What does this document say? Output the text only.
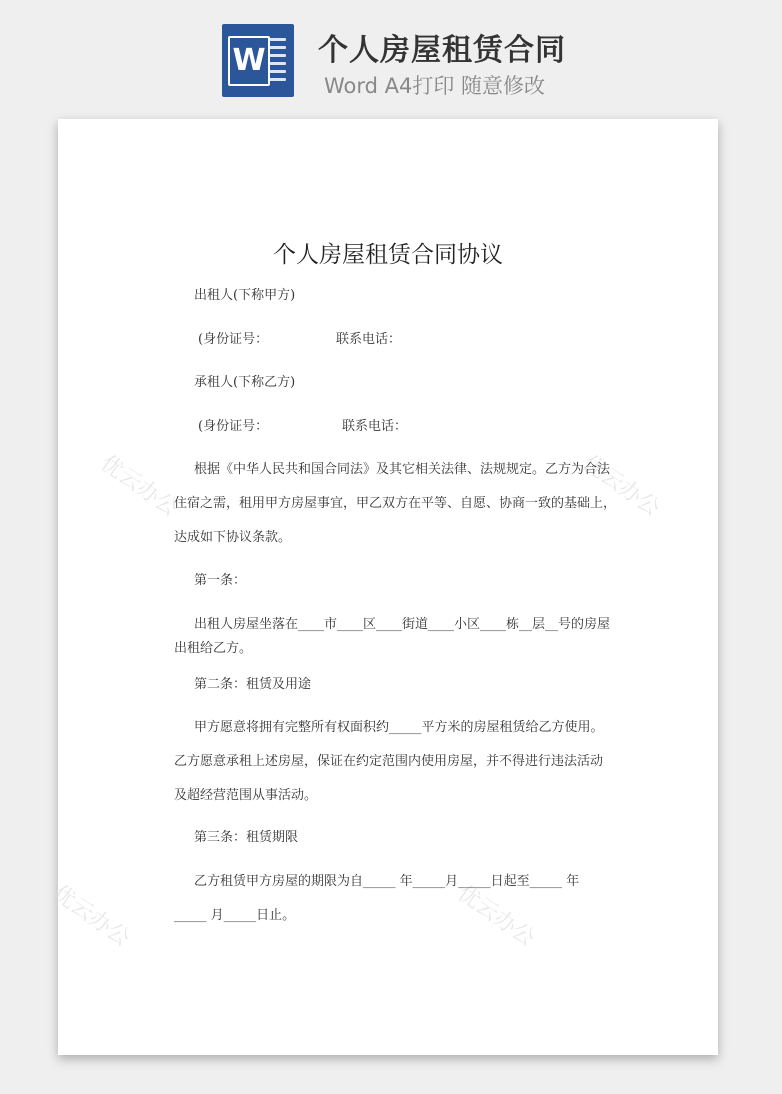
W 个人房屋租赁合同
Word A4打印 随意修改
优云办公	优云办公
优云办公	优云办公
个人房屋租赁合同协议
出租人(下称甲方)
(身份证号：	联系电话：
承租人(下称乙方)
(身份证号：	联系电话：
根据《中华人民共和国合同法》及其它相关法律、法规规定。乙方为合法
住宿之需，租用甲方房屋事宜，甲乙双方在平等、自愿、协商一致的基础上，
达成如下协议条款。
第一条：
出租人房屋坐落在____市____区____街道____小区____栋__层__号的房屋
出租给乙方。
第二条：租赁及用途
甲方愿意将拥有完整所有权面积约_____平方米的房屋租赁给乙方使用。
乙方愿意承租上述房屋，保证在约定范围内使用房屋，并不得进行违法活动
及超经营范围从事活动。
第三条：租赁期限
乙方租赁甲方房屋的期限为自_____ 年_____月_____日起至_____ 年
_____ 月_____日止。
